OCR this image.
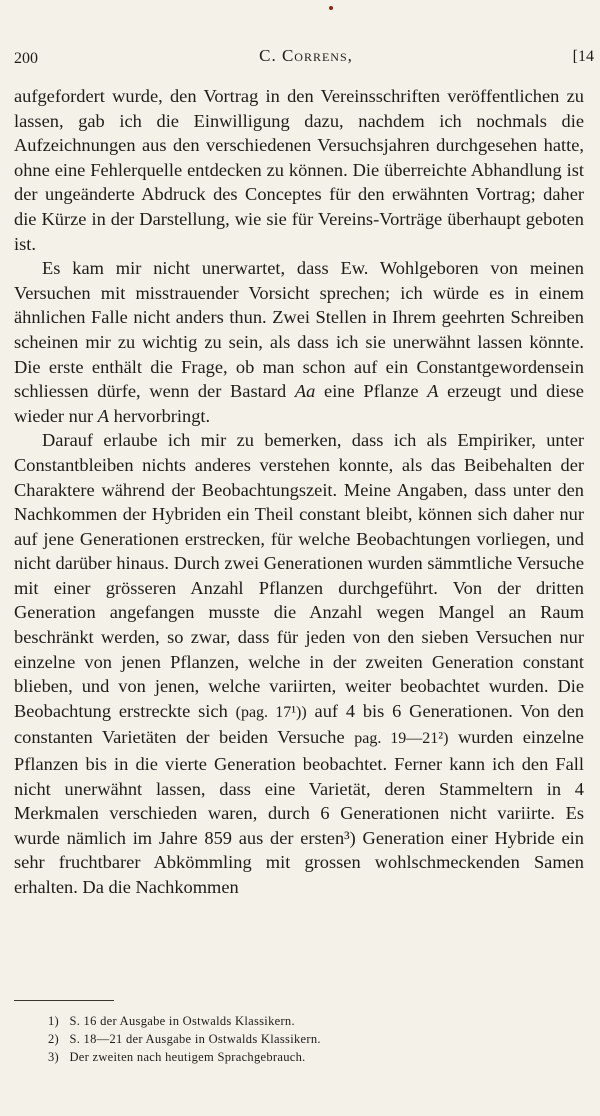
200	C. Correns,	[14

aufgefordert wurde, den Vortrag in den Vereinsschriften veröffentlichen zu lassen, gab ich die Einwilligung dazu, nachdem ich nochmals die Aufzeichnungen aus den verschiedenen Versuchsjahren durchgesehen hatte, ohne eine Fehlerquelle entdecken zu können. Die überreichte Abhandlung ist der ungeänderte Abdruck des Conceptes für den erwähnten Vortrag; daher die Kürze in der Darstellung, wie sie für Vereins-Vorträge überhaupt geboten ist.

Es kam mir nicht unerwartet, dass Ew. Wohlgeboren von meinen Versuchen mit misstrauender Vorsicht sprechen; ich würde es in einem ähnlichen Falle nicht anders thun. Zwei Stellen in Ihrem geehrten Schreiben scheinen mir zu wichtig zu sein, als dass ich sie unerwähnt lassen könnte. Die erste enthält die Frage, ob man schon auf ein Constantgewordensein schliessen dürfe, wenn der Bastard Aa eine Pflanze A erzeugt und diese wieder nur A hervorbringt.

Darauf erlaube ich mir zu bemerken, dass ich als Empiriker, unter Constantbleiben nichts anderes verstehen konnte, als das Beibehalten der Charaktere während der Beobachtungszeit. Meine Angaben, dass unter den Nachkommen der Hybriden ein Theil constant bleibt, können sich daher nur auf jene Generationen erstrecken, für welche Beobachtungen vorliegen, und nicht darüber hinaus. Durch zwei Generationen wurden sämmtliche Versuche mit einer grösseren Anzahl Pflanzen durchgeführt. Von der dritten Generation angefangen musste die Anzahl wegen Mangel an Raum beschränkt werden, so zwar, dass für jeden von den sieben Versuchen nur einzelne von jenen Pflanzen, welche in der zweiten Generation constant blieben, und von jenen, welche variirten, weiter beobachtet wurden. Die Beobachtung erstreckte sich (pag. 17¹)) auf 4 bis 6 Generationen. Von den constanten Varietäten der beiden Versuche pag. 19—21²) wurden einzelne Pflanzen bis in die vierte Generation beobachtet. Ferner kann ich den Fall nicht unerwähnt lassen, dass eine Varietät, deren Stammeltern in 4 Merkmalen verschieden waren, durch 6 Generationen nicht variirte. Es wurde nämlich im Jahre 859 aus der ersten³) Generation einer Hybride ein sehr fruchtbarer Abkömmling mit grossen wohlschmeckenden Samen erhalten. Da die Nachkommen

1) S. 16 der Ausgabe in Ostwalds Klassikern.
2) S. 18—21 der Ausgabe in Ostwalds Klassikern.
3) Der zweiten nach heutigem Sprachgebrauch.
